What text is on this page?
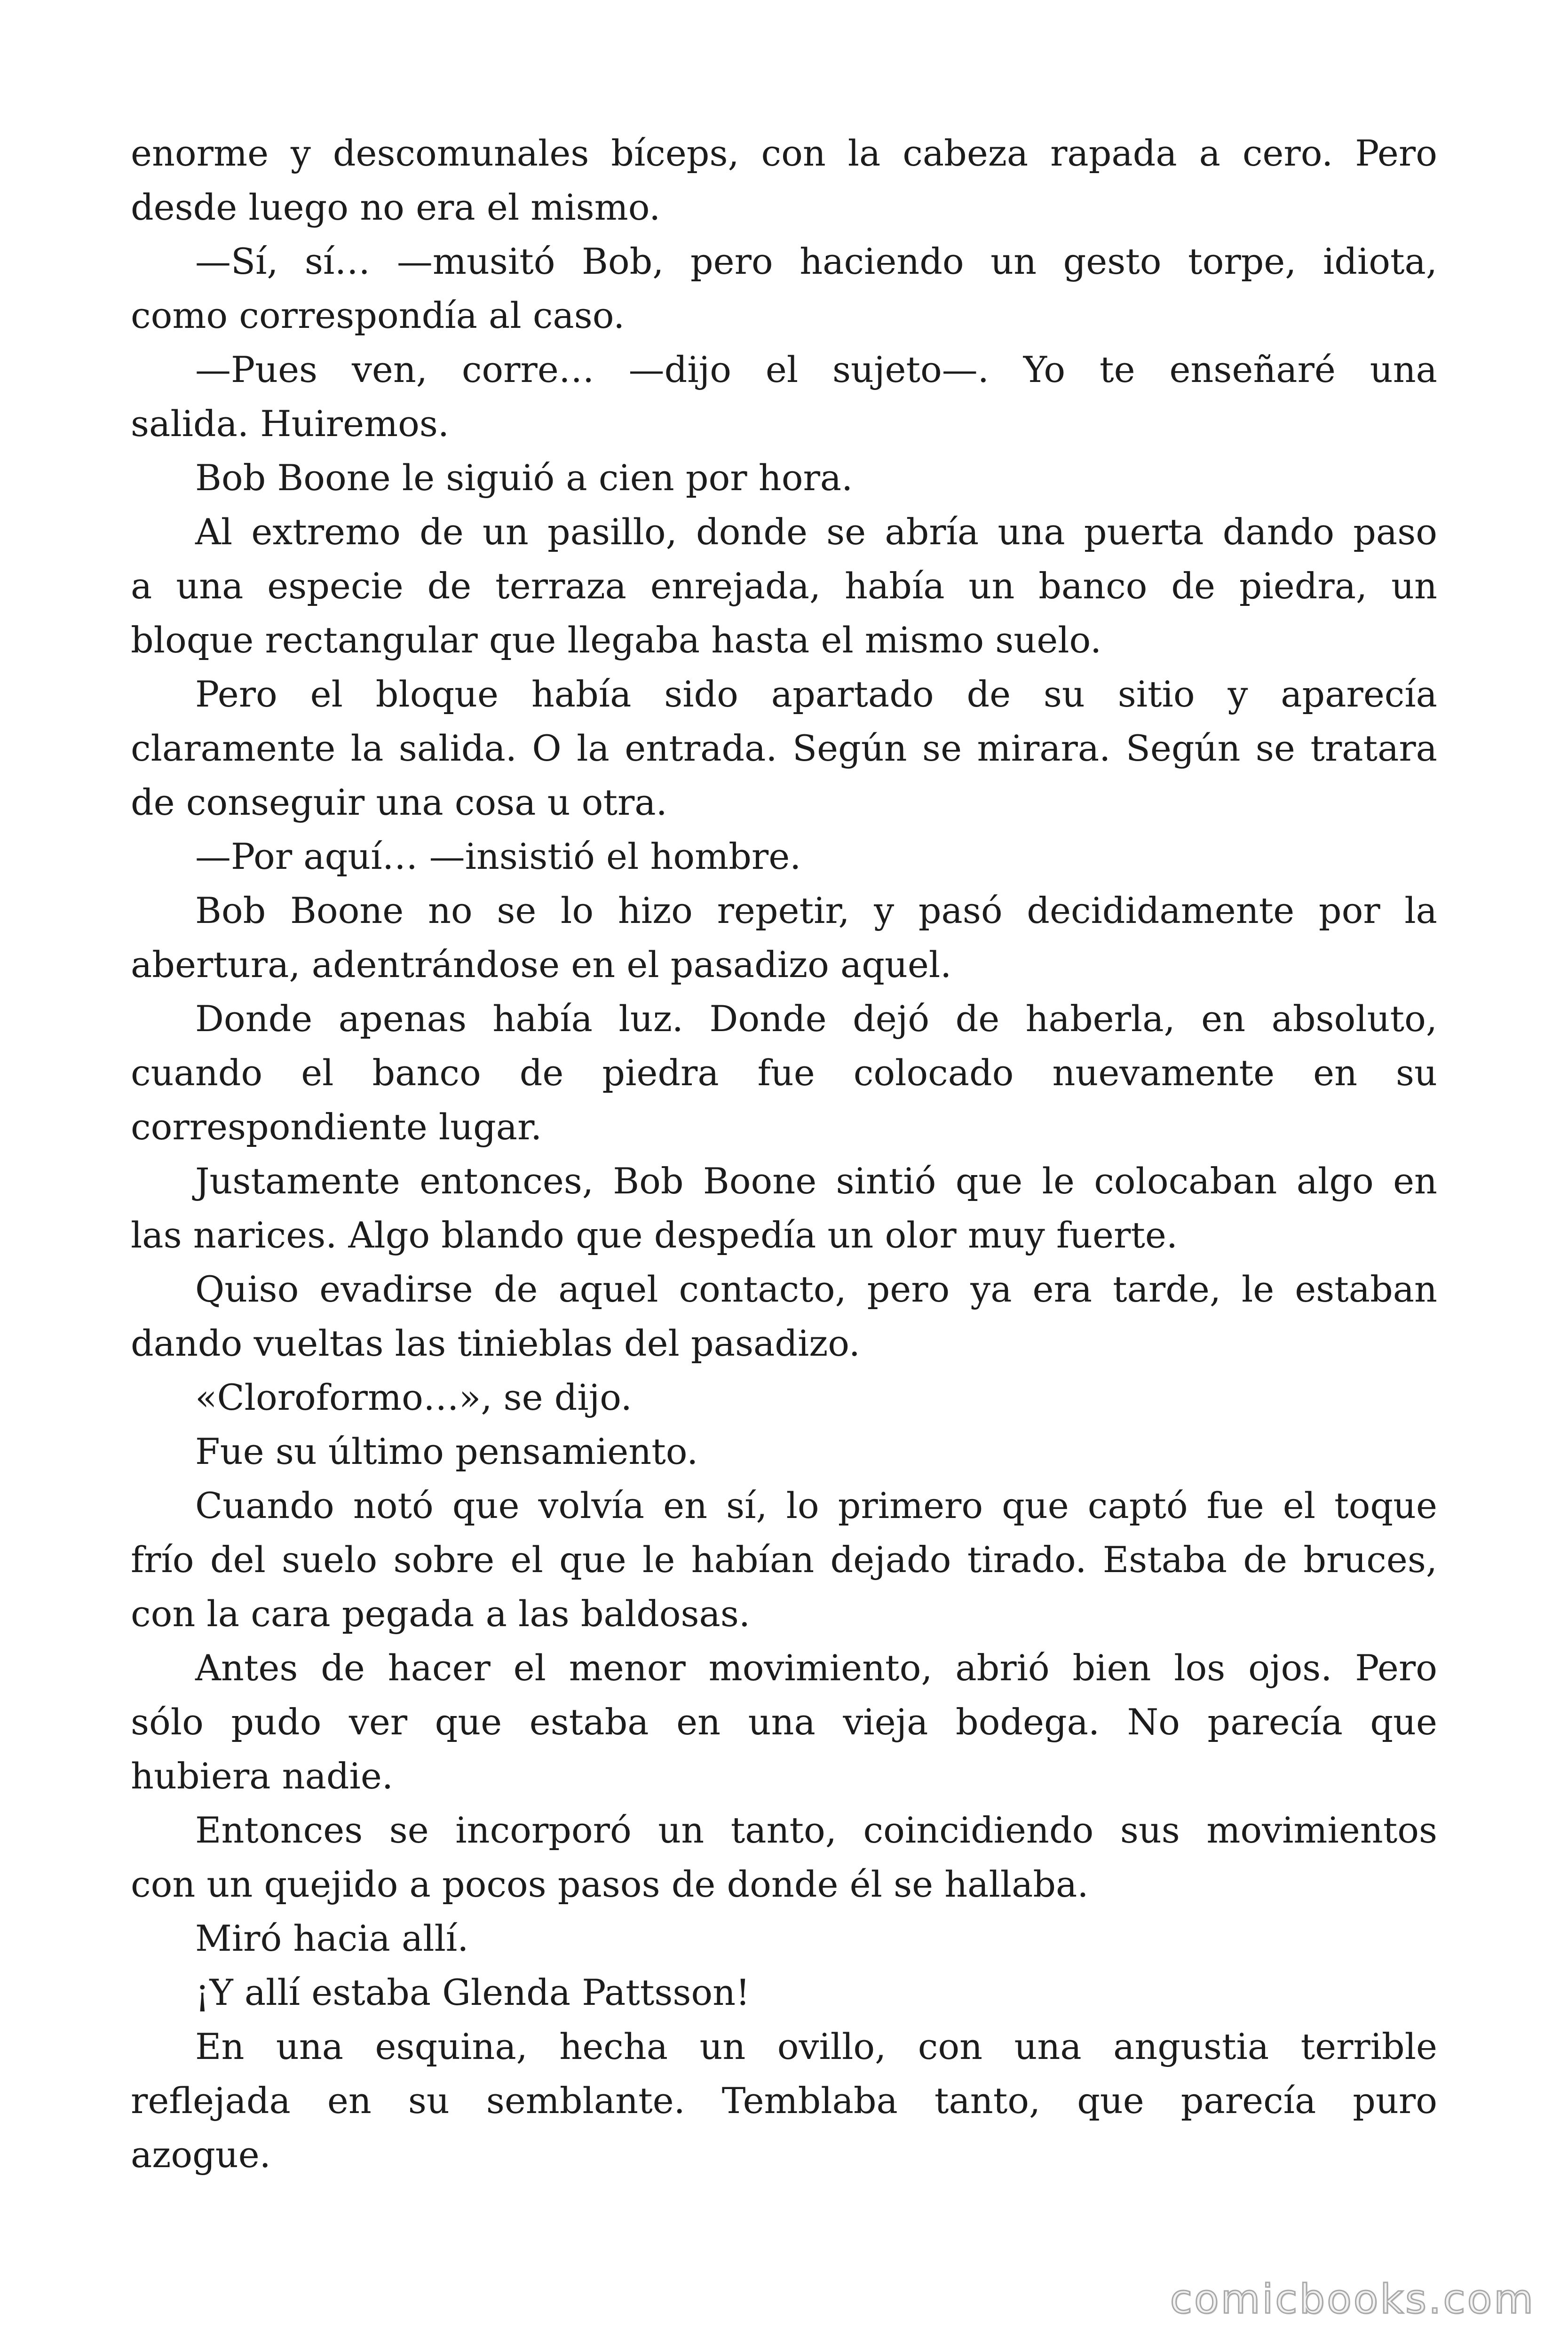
enorme y descomunales bíceps, con la cabeza rapada a cero. Pero
desde luego no era el mismo.
—Sí, sí… —musitó Bob, pero haciendo un gesto torpe, idiota,
como correspondía al caso.
—Pues ven, corre… —dijo el sujeto—. Yo te enseñaré una
salida. Huiremos.
Bob Boone le siguió a cien por hora.
Al extremo de un pasillo, donde se abría una puerta dando paso
a una especie de terraza enrejada, había un banco de piedra, un
bloque rectangular que llegaba hasta el mismo suelo.
Pero el bloque había sido apartado de su sitio y aparecía
claramente la salida. O la entrada. Según se mirara. Según se tratara
de conseguir una cosa u otra.
—Por aquí… —insistió el hombre.
Bob Boone no se lo hizo repetir, y pasó decididamente por la
abertura, adentrándose en el pasadizo aquel.
Donde apenas había luz. Donde dejó de haberla, en absoluto,
cuando el banco de piedra fue colocado nuevamente en su
correspondiente lugar.
Justamente entonces, Bob Boone sintió que le colocaban algo en
las narices. Algo blando que despedía un olor muy fuerte.
Quiso evadirse de aquel contacto, pero ya era tarde, le estaban
dando vueltas las tinieblas del pasadizo.
«Cloroformo…», se dijo.
Fue su último pensamiento.
Cuando notó que volvía en sí, lo primero que captó fue el toque
frío del suelo sobre el que le habían dejado tirado. Estaba de bruces,
con la cara pegada a las baldosas.
Antes de hacer el menor movimiento, abrió bien los ojos. Pero
sólo pudo ver que estaba en una vieja bodega. No parecía que
hubiera nadie.
Entonces se incorporó un tanto, coincidiendo sus movimientos
con un quejido a pocos pasos de donde él se hallaba.
Miró hacia allí.
¡Y allí estaba Glenda Pattsson!
En una esquina, hecha un ovillo, con una angustia terrible
reflejada en su semblante. Temblaba tanto, que parecía puro
azogue.
comicbooks.com
